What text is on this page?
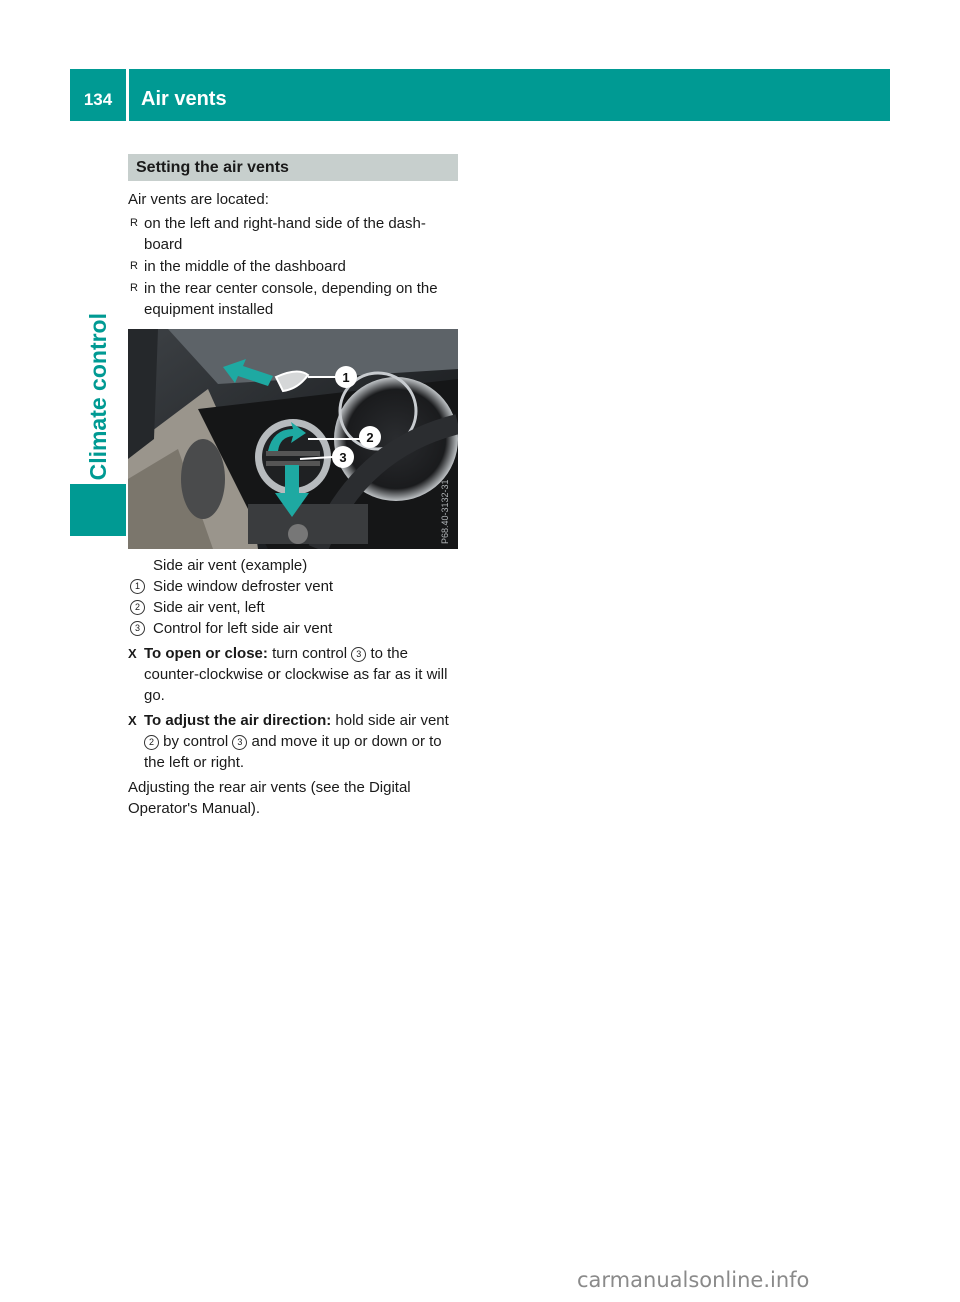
134	Air vents
Climate control
Setting the air vents

Air vents are located:

R on the left and right-hand side of the dash-board
R in the middle of the dashboard
R in the rear center console, depending on the equipment installed
1
2
3
P68.40-3132-31
Side air vent (example)
1 Side window defroster vent
2 Side air vent, left
3 Control for left side air vent
X To open or close: turn control 3 to the counter-clockwise or clockwise as far as it will go.
X To adjust the air direction: hold side air vent 2 by control 3 and move it up or down or to the left or right.

Adjusting the rear air vents (see the Digital Operator's Manual).

carmanualsonline.info
